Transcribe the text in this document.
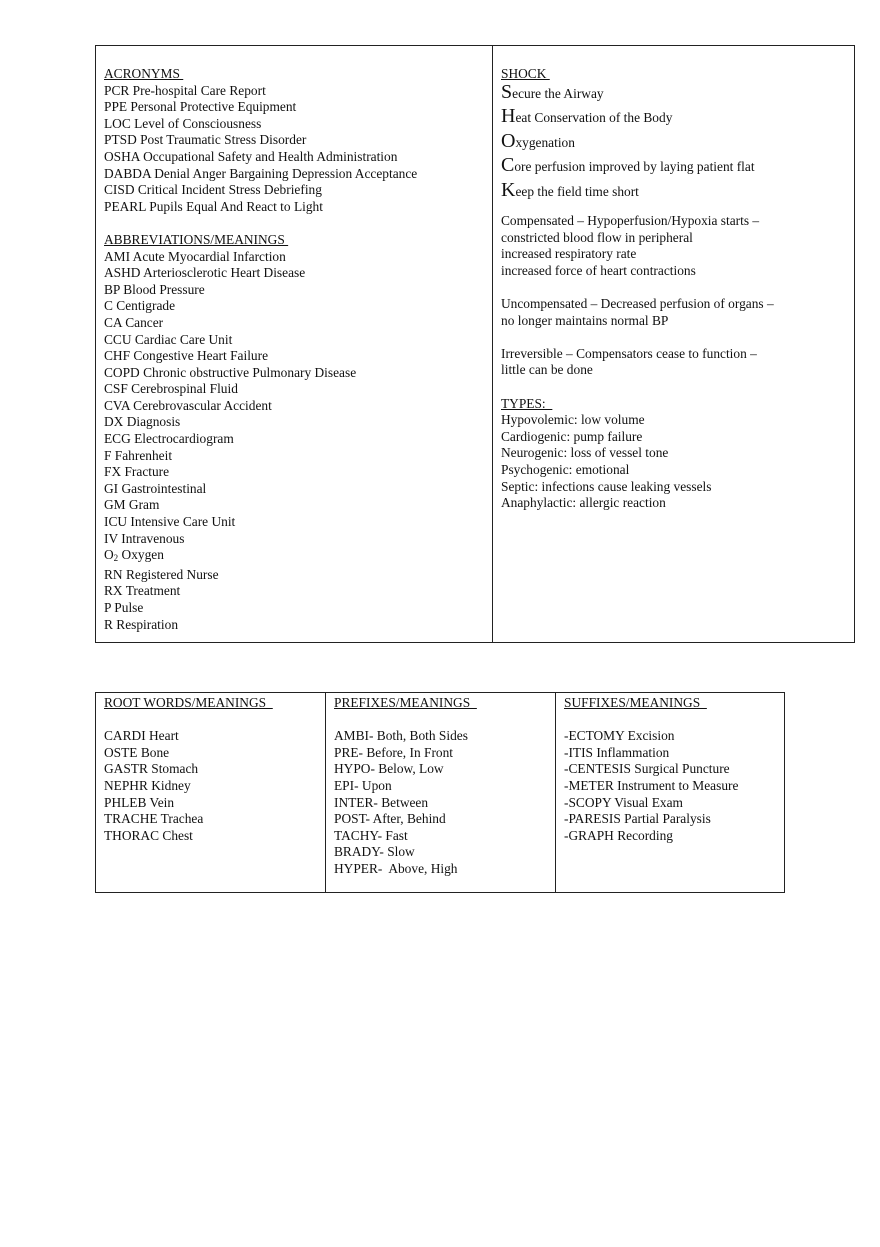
ACRONYMS
PCR Pre-hospital Care Report
PPE Personal Protective Equipment
LOC Level of Consciousness
PTSD Post Traumatic Stress Disorder
OSHA Occupational Safety and Health Administration
DABDA Denial Anger Bargaining Depression Acceptance
CISD Critical Incident Stress Debriefing
PEARL Pupils Equal And React to Light
ABBREVIATIONS/MEANINGS
AMI Acute Myocardial Infarction
ASHD Arteriosclerotic Heart Disease
BP Blood Pressure
C Centigrade
CA Cancer
CCU Cardiac Care Unit
CHF Congestive Heart Failure
COPD Chronic obstructive Pulmonary Disease
CSF Cerebrospinal Fluid
CVA Cerebrovascular Accident
DX Diagnosis
ECG Electrocardiogram
F Fahrenheit
FX Fracture
GI Gastrointestinal
GM Gram
ICU Intensive Care Unit
IV Intravenous
$O_2$ Oxygen
RN Registered Nurse
RX Treatment
P Pulse
R Respiration
SHOCK
Secure the Airway
Heat Conservation of the Body
Oxygenation
Core perfusion improved by laying patient flat
Keep the field time short
Compensated – Hypoperfusion/Hypoxia starts –
constricted blood flow in peripheral
increased respiratory rate
increased force of heart contractions
Uncompensated – Decreased perfusion of organs –
no longer maintains normal BP
Irreversible – Compensators cease to function –
little can be done
TYPES:
Hypovolemic: low volume
Cardiogenic: pump failure
Neurogenic: loss of vessel tone
Psychogenic: emotional
Septic: infections cause leaking vessels
Anaphylactic: allergic reaction
ROOT WORDS/MEANINGS
CARDI Heart
OSTE Bone
GASTR Stomach
NEPHR Kidney
PHLEB Vein
TRACHE Trachea
THORAC Chest
PREFIXES/MEANINGS
AMBI- Both, Both Sides
PRE- Before, In Front
HYPO- Below, Low
EPI- Upon
INTER- Between
POST- After, Behind
TACHY- Fast
BRADY- Slow
HYPER-  Above, High
SUFFIXES/MEANINGS
-ECTOMY Excision
-ITIS Inflammation
-CENTESIS Surgical Puncture
-METER Instrument to Measure
-SCOPY Visual Exam
-PARESIS Partial Paralysis
-GRAPH Recording
